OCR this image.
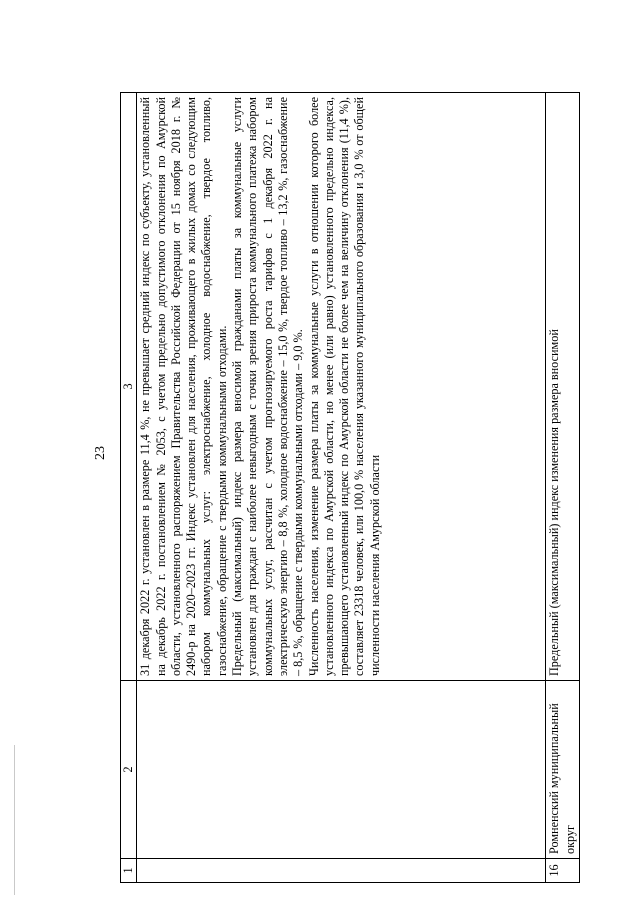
23
1	2	3

		31 декабря 2022 г. установлен в размере 11,4 %, не превышает средний индекс по субъекту, установленный на декабрь 2022 г. постановлением № 2053, с учетом предельно допустимого отклонения по Амурской области, установленного распоряжением Правительства Российской Федерации от 15 ноября 2018 г. № 2490-р на 2020–2023 гг. Индекс установлен для населения, проживающего в жилых домах со следующим набором коммунальных услуг: электроснабжение, холодное водоснабжение, твердое топливо, газоснабжение, обращение с твердыми коммунальными отходами. Предельный (максимальный) индекс размера вносимой гражданами платы за коммунальные услуги установлен для граждан с наиболее невыгодным с точки зрения прироста коммунального платежа набором коммунальных услуг, рассчитан с учетом прогнозируемого роста тарифов с 1 декабря 2022 г. на электрическую энергию – 8,8 %, холодное водоснабжение – 15,0 %, твердое топливо – 13,2 %, газоснабжение – 8,5 %, обращение с твердыми коммунальными отходами – 9,0 %. Численность населения, изменение размера платы за коммунальные услуги в отношении которого более установленного индекса по Амурской области, но менее (или равно) установленного предельно индекса, превышающего установленный индекс по Амурской области не более чем на величину отклонения (11,4 %), составляет 23318 человек, или 100,0 % населения указанного муниципального образования и 3,0 % от общей численности населения Амурской области

16	Ромненский муниципальный округ	Предельный (максимальный) индекс изменения размера вносимой
